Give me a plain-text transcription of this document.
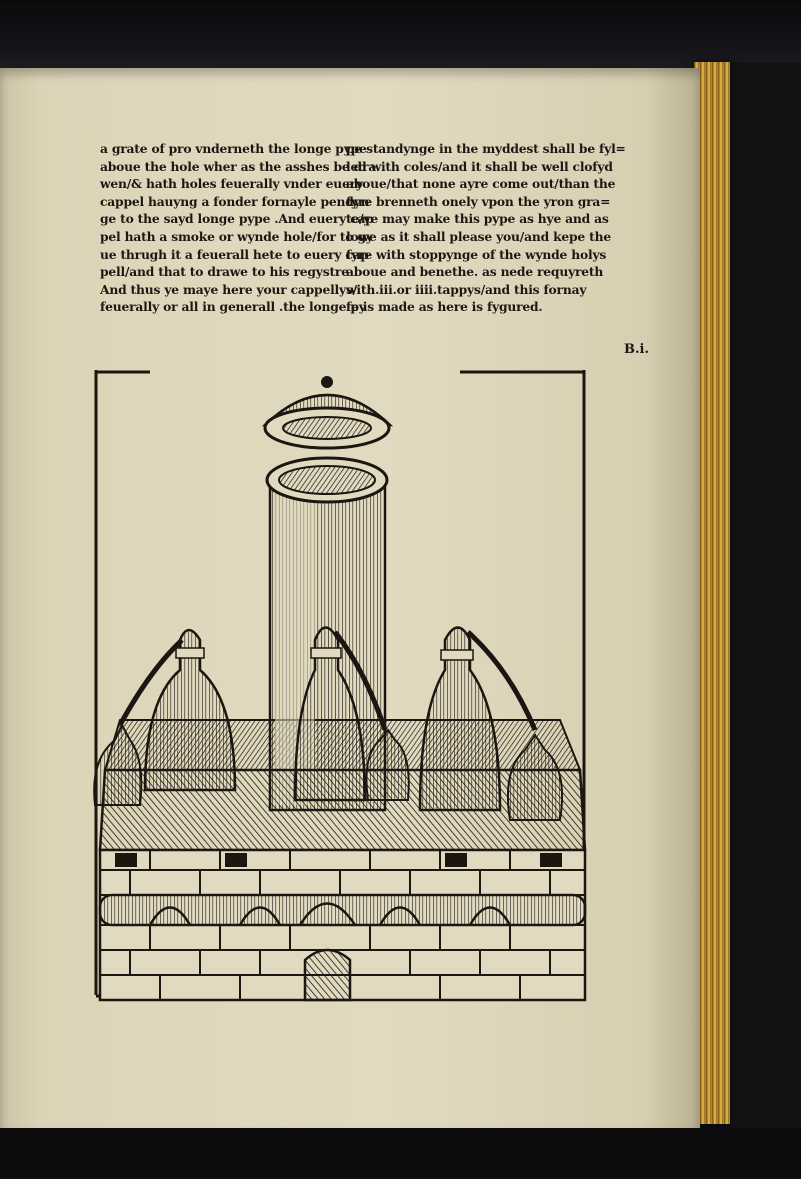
a grate of pro vnderneth the longe pype
aboue the hole wher as the asshes be dra
wen/& hath holes feuerally vnder euery
cappel hauyng a fonder fornayle pendyn
ge to the sayd longe pype .And euery cap
pel hath a smoke or wynde hole/for to gy
ue thrugh it a feuerall hete to euery cap
pell/and that to drawe to his regystre
And thus ye maye here your cappellys/
feuerally or all in generall .the longe py
pe standynge in the myddest shall be fyl=
led with coles/and it shall be well clofyd
aboue/that none ayre come out/than the
fyre brenneth onely vpon the yron gra=
te/ye may make this pype as hye and as
lowe as it shall please you/and kepe the
fyre with stoppynge of the wynde holys
aboue and benethe. as nede requyreth
with.iii.or iiii.tappys/and this fornay
fe is made as here is fygured.
B.i.
